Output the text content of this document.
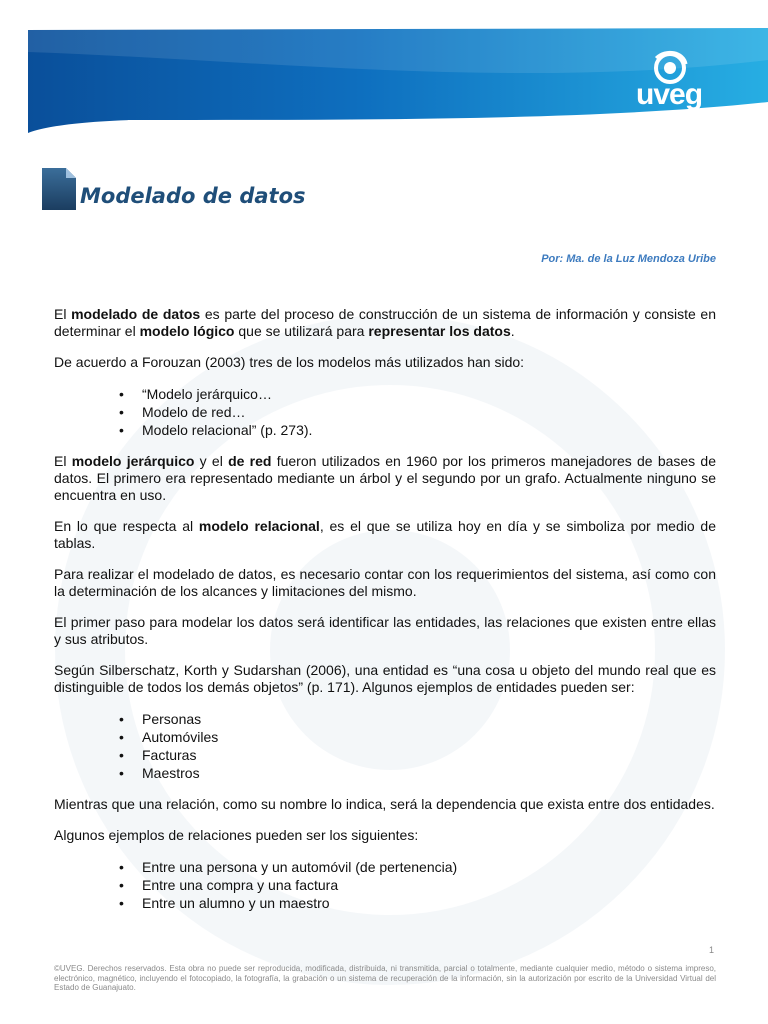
uveg
Modelado de datos
Por: Ma. de la Luz Mendoza Uribe

El modelado de datos es parte del proceso de construcción de un sistema de información y consiste en determinar el modelo lógico que se utilizará para representar los datos.

De acuerdo a Forouzan (2003) tres de los modelos más utilizados han sido:

• “Modelo jerárquico…
• Modelo de red…
• Modelo relacional” (p. 273).

El modelo jerárquico y el de red fueron utilizados en 1960 por los primeros manejadores de bases de datos. El primero era representado mediante un árbol y el segundo por un grafo. Actualmente ninguno se encuentra en uso.

En lo que respecta al modelo relacional, es el que se utiliza hoy en día y se simboliza por medio de tablas.

Para realizar el modelado de datos, es necesario contar con los requerimientos del sistema, así como con la determinación de los alcances y limitaciones del mismo.

El primer paso para modelar los datos será identificar las entidades, las relaciones que existen entre ellas y sus atributos.

Según Silberschatz, Korth y Sudarshan (2006), una entidad es “una cosa u objeto del mundo real que es distinguible de todos los demás objetos” (p. 171). Algunos ejemplos de entidades pueden ser:

• Personas
• Automóviles
• Facturas
• Maestros

Mientras que una relación, como su nombre lo indica, será la dependencia que exista entre dos entidades.

Algunos ejemplos de relaciones pueden ser los siguientes:

• Entre una persona y un automóvil (de pertenencia)
• Entre una compra y una factura
• Entre un alumno y un maestro
1
©UVEG. Derechos reservados. Esta obra no puede ser reproducida, modificada, distribuida, ni transmitida, parcial o totalmente, mediante cualquier medio, método o sistema impreso, electrónico, magnético, incluyendo el fotocopiado, la fotografía, la grabación o un sistema de recuperación de la información, sin la autorización por escrito de la Universidad Virtual del Estado de Guanajuato.
